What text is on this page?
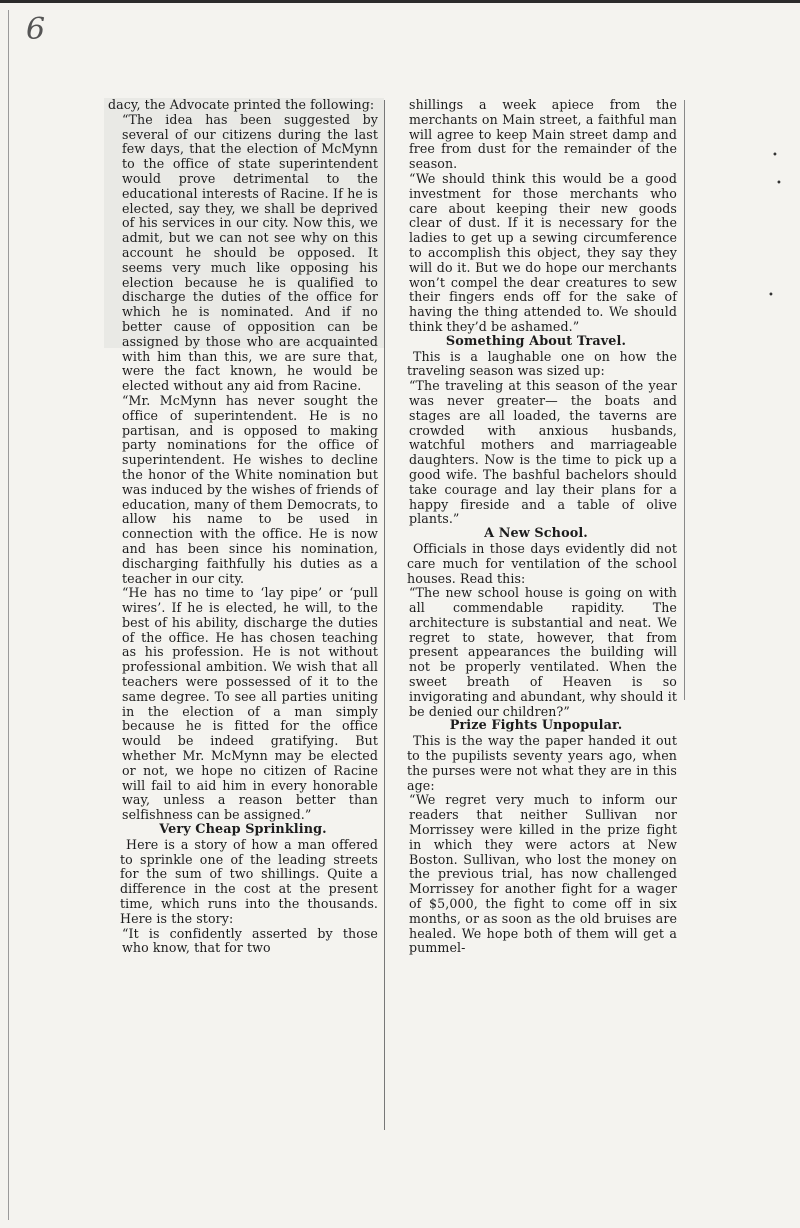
6
•
•
•

dacy, the Advocate printed the following:

“The idea has been suggested by several of our citizens during the last few days, that the election of McMynn to the office of state superintendent would prove detrimental to the educational interests of Racine. If he is elected, say they, we shall be deprived of his services in our city. Now this, we admit, but we can not see why on this account he should be opposed. It seems very much like opposing his election because he is qualified to discharge the duties of the office for which he is nominated. And if no better cause of opposition can be assigned by those who are acquainted with him than this, we are sure that, were the fact known, he would be elected without any aid from Racine.

“Mr. McMynn has never sought the office of superintendent. He is no partisan, and is opposed to making party nominations for the office of superintendent. He wishes to decline the honor of the White nomination but was induced by the wishes of friends of education, many of them Democrats, to allow his name to be used in connection with the office. He is now and has been since his nomination, discharging faithfully his duties as a teacher in our city.

“He has no time to ‘lay pipe’ or ‘pull wires’. If he is elected, he will, to the best of his ability, discharge the duties of the office. He has chosen teaching as his profession. He is not without professional ambition. We wish that all teachers were possessed of it to the same degree. To see all parties uniting in the election of a man simply because he is fitted for the office would be indeed gratifying. But whether Mr. McMynn may be elected or not, we hope no citizen of Racine will fail to aid him in every honorable way, unless a reason better than selfishness can be assigned.”

Very Cheap Sprinkling.

Here is a story of how a man offered to sprinkle one of the leading streets for the sum of two shillings. Quite a difference in the cost at the present time, which runs into the thousands. Here is the story:

“It is confidently asserted by those who know, that for two

shillings a week apiece from the merchants on Main street, a faithful man will agree to keep Main street damp and free from dust for the remainder of the season.

“We should think this would be a good investment for those merchants who care about keeping their new goods clear of dust. If it is necessary for the ladies to get up a sewing circumference to accomplish this object, they say they will do it. But we do hope our merchants won’t compel the dear creatures to sew their fingers ends off for the sake of having the thing attended to. We should think they’d be ashamed.”

Something About Travel.

This is a laughable one on how the traveling season was sized up:

“The traveling at this season of the year was never greater— the boats and stages are all loaded, the taverns are crowded with anxious husbands, watchful mothers and marriageable daughters. Now is the time to pick up a good wife. The bashful bachelors should take courage and lay their plans for a happy fireside and a table of olive plants.”

A New School.

Officials in those days evidently did not care much for ventilation of the school houses. Read this:

“The new school house is going on with all commendable rapidity. The architecture is substantial and neat. We regret to state, however, that from present appearances the building will not be properly ventilated. When the sweet breath of Heaven is so invigorating and abundant, why should it be denied our children?”

Prize Fights Unpopular.

This is the way the paper handed it out to the pupilists seventy years ago, when the purses were not what they are in this age:

“We regret very much to inform our readers that neither Sullivan nor Morrissey were killed in the prize fight in which they were actors at New Boston. Sullivan, who lost the money on the previous trial, has now challenged Morrissey for another fight for a wager of $5,000, the fight to come off in six months, or as soon as the old bruises are healed. We hope both of them will get a pummel-
